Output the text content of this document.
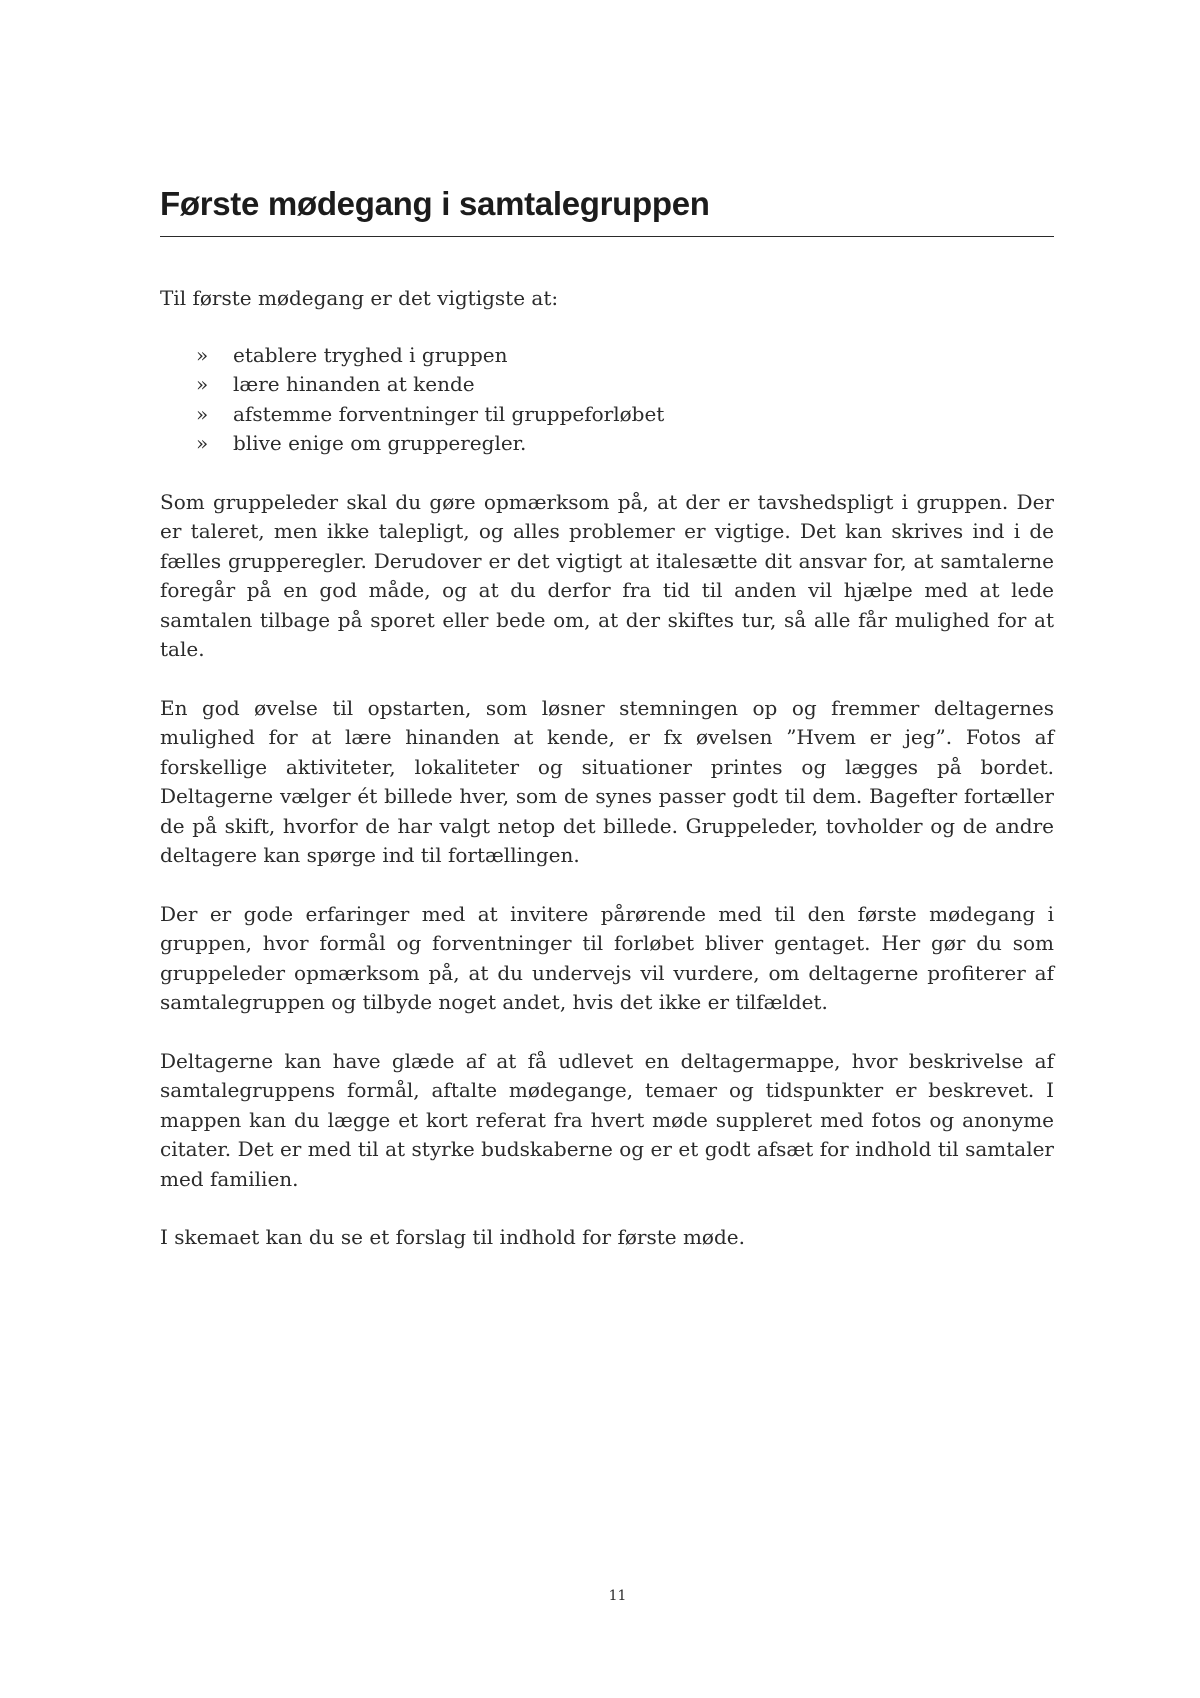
Første mødegang i samtalegruppen

Til første mødegang er det vigtigste at:

» etablere tryghed i gruppen
» lære hinanden at kende
» afstemme forventninger til gruppeforløbet
» blive enige om grupperegler.

Som gruppeleder skal du gøre opmærksom på, at der er tavshedspligt i gruppen. Der er taleret, men ikke talepligt, og alles problemer er vigtige. Det kan skrives ind i de fælles grupperegler. Derudover er det vigtigt at italesætte dit ansvar for, at samtalerne foregår på en god måde, og at du derfor fra tid til anden vil hjælpe med at lede samtalen tilbage på sporet eller bede om, at der skiftes tur, så alle får mulighed for at tale.

En god øvelse til opstarten, som løsner stemningen op og fremmer deltagernes mulighed for at lære hinanden at kende, er fx øvelsen ”Hvem er jeg”. Fotos af forskellige aktiviteter, lokaliteter og situationer printes og lægges på bordet. Deltagerne vælger ét billede hver, som de synes passer godt til dem. Bagefter fortæller de på skift, hvorfor de har valgt netop det billede. Gruppeleder, tovholder og de andre deltagere kan spørge ind til fortællingen.

Der er gode erfaringer med at invitere pårørende med til den første mødegang i gruppen, hvor formål og forventninger til forløbet bliver gentaget. Her gør du som gruppeleder opmærksom på, at du undervejs vil vurdere, om deltagerne profiterer af samtalegruppen og tilbyde noget andet, hvis det ikke er tilfældet.

Deltagerne kan have glæde af at få udlevet en deltagermappe, hvor beskrivelse af samtalegruppens formål, aftalte mødegange, temaer og tidspunkter er beskrevet. I mappen kan du lægge et kort referat fra hvert møde suppleret med fotos og anonyme citater. Det er med til at styrke budskaberne og er et godt afsæt for indhold til samtaler med familien.

I skemaet kan du se et forslag til indhold for første møde.

11
